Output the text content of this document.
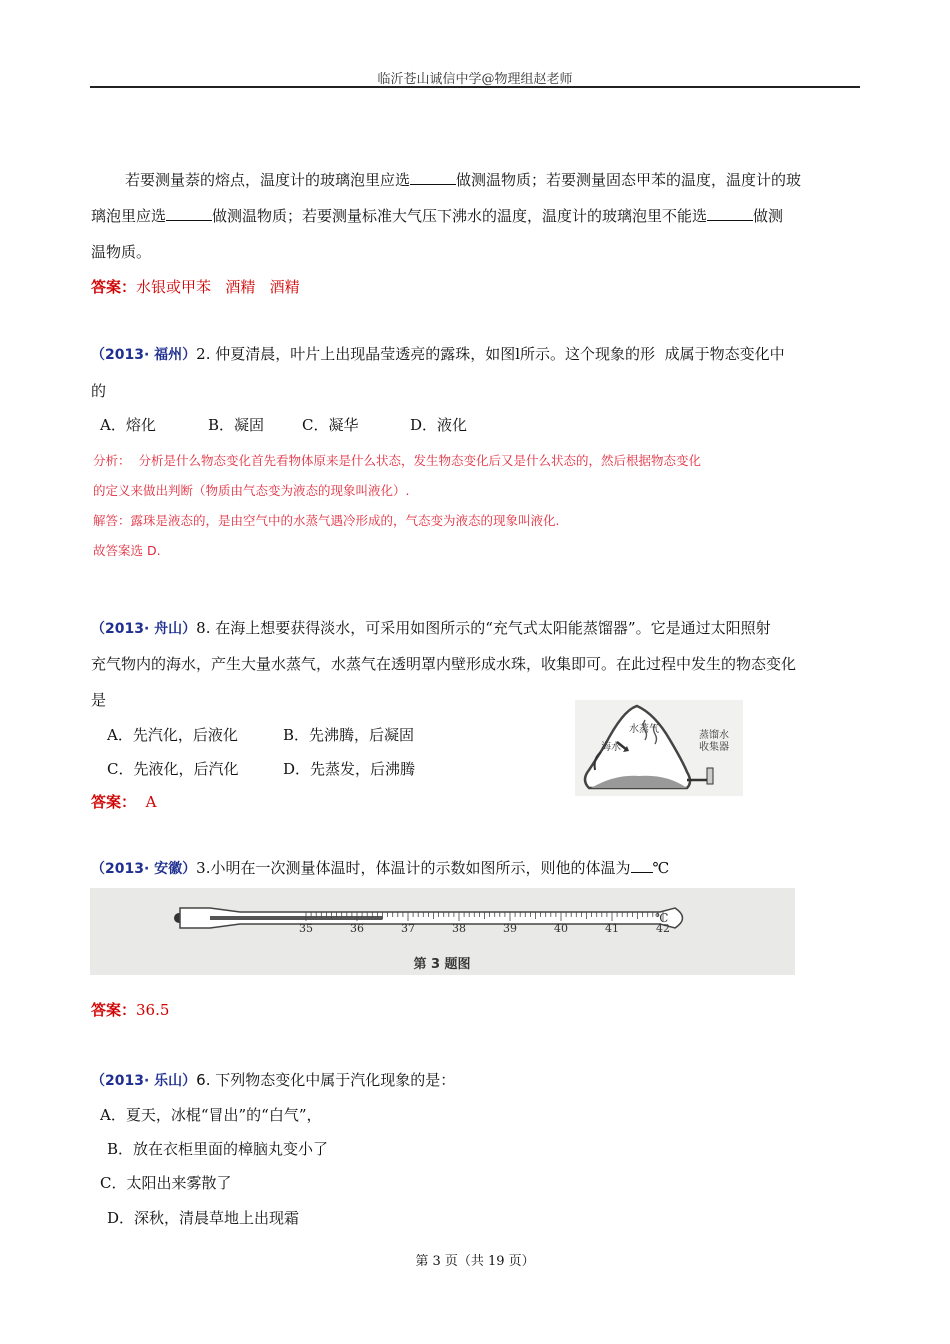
临沂苍山诚信中学@物理组赵老师
若要测量萘的熔点，温度计的玻璃泡里应选	做测温物质；若要测量固态甲苯的温度，温度计的玻
璃泡里应选	做测温物质；若要测量标准大气压下沸水的温度，温度计的玻璃泡里不能选	做测
温物质。
答案：水银或甲苯   酒精   酒精
（2013· 福州）2. 仲夏清晨，叶片上出现晶莹透亮的露珠，如图l所示。这个现象的形  成属于物态变化中
的
A．熔化	B．凝固	C．凝华	D．液化
分析：  分析是什么物态变化首先看物体原来是什么状态，发生物态变化后又是什么状态的，然后根据物态变化
的定义来做出判断（物质由气态变为液态的现象叫液化）.
解答：露珠是液态的，是由空气中的水蒸气遇冷形成的，气态变为液态的现象叫液化.
故答案选 D.
（2013· 舟山）8. 在海上想要获得淡水，可采用如图所示的“充气式太阳能蒸馏器”。它是通过太阳照射
充气物内的海水，产生大量水蒸气，水蒸气在透明罩内壁形成水珠，收集即可。在此过程中发生的物态变化
是
A．先汽化，后液化	B．先沸腾，后凝固
C．先液化，后汽化	D．先蒸发，后沸腾
水蒸气
海水
蒸馏水
收集器
答案： A
（2013· 安徽）3.小明在一次测量体温时，体温计的示数如图所示，则他的体温为 ℃
35	36	37	38	39	40	41	42
℃
第 3 题图
答案：36.5
（2013· 乐山）6. 下列物态变化中属于汽化现象的是：
A．夏天，冰棍“冒出”的“白气”，
B．放在衣柜里面的樟脑丸变小了
C．太阳出来雾散了
D．深秋，清晨草地上出现霜
第 3 页（共 19 页）
